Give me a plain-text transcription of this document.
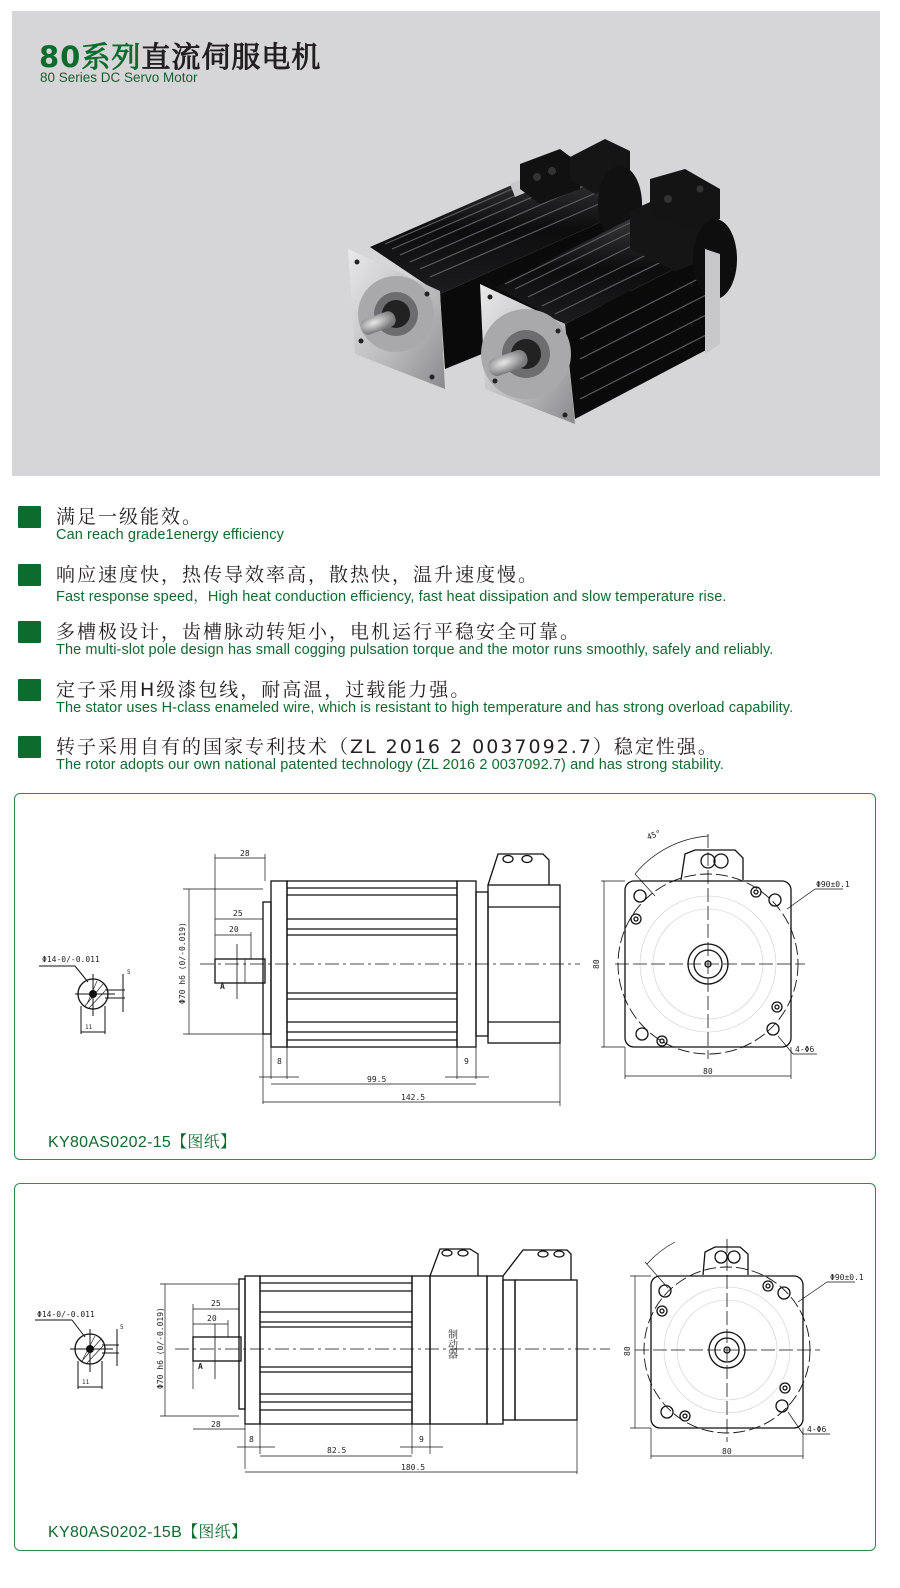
80系列直流伺服电机
80 Series DC Servo Motor
满足一级能效。
Can reach grade1energy efficiency
响应速度快，热传导效率高，散热快，温升速度慢。
Fast response speed，High heat conduction efficiency, fast heat dissipation and slow temperature rise.
多槽极设计，齿槽脉动转矩小，电机运行平稳安全可靠。
The multi-slot pole design has small cogging pulsation torque and the motor runs smoothly, safely and reliably.
定子采用H级漆包线，耐高温，过载能力强。
The stator uses H-class enameled wire, which is resistant to high temperature and has strong overload capability.
转子采用自有的国家专利技术（ZL 2016 2 0037092.7）稳定性强。
The rotor adopts our own national patented technology (ZL 2016 2 0037092.7) and has strong stability.
Φ14-0/-0.011
11
5
A
28
25
20
Φ70 h6 (0/-0.019)
8	9
99.5
142.5
45°
Φ90±0.1
80
80
4-Φ6
KY80AS0202-15【图纸】
Φ14-0/-0.011
11
5
A
25
20
28
Φ70 h6 (0/-0.019)
8
82.5
9
180.5
制动器
Φ90±0.1
80
80
4-Φ6
KY80AS0202-15B【图纸】
